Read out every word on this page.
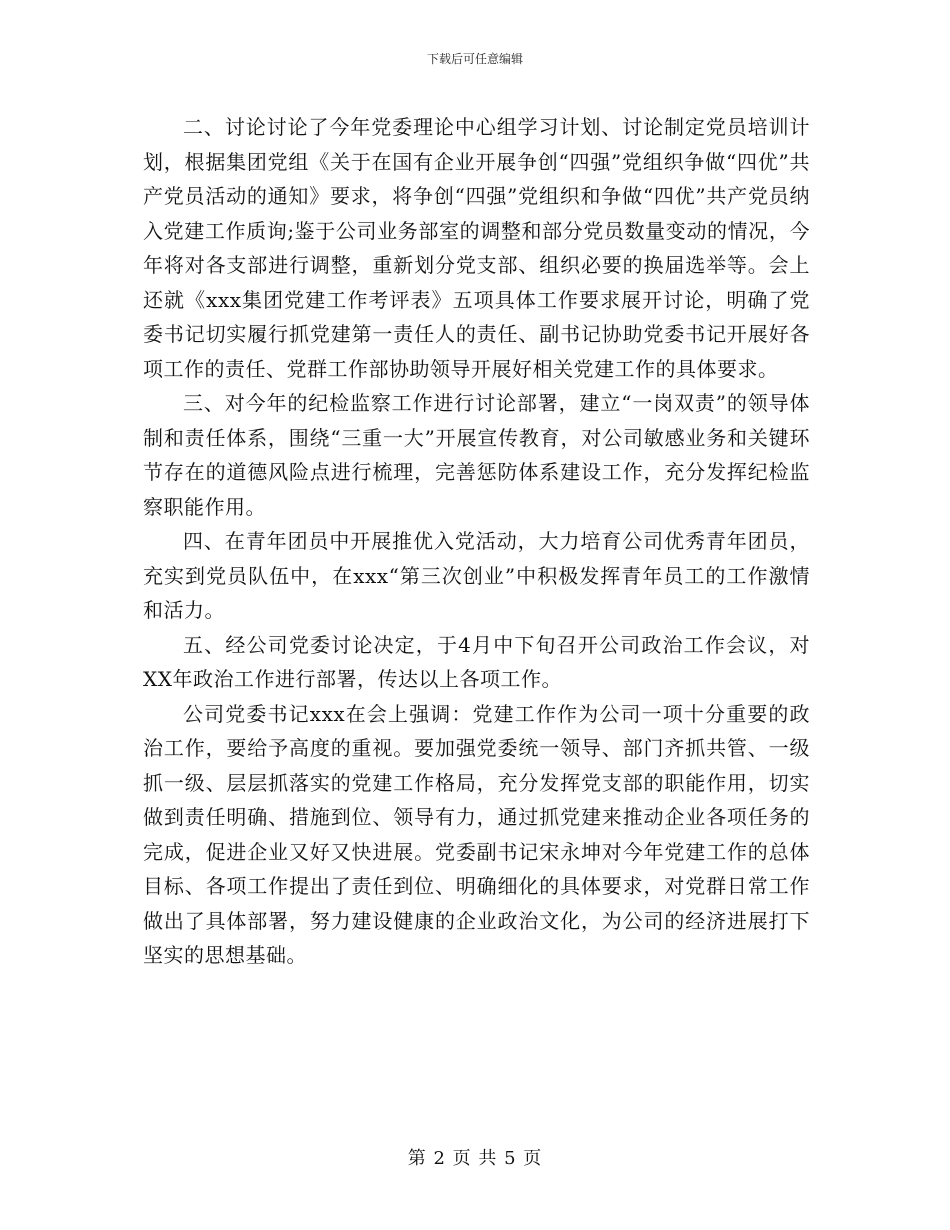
下载后可任意编辑

二、讨论讨论了今年党委理论中心组学习计划、讨论制定党员培训计划，根据集团党组《关于在国有企业开展争创“四强”党组织争做“四优”共产党员活动的通知》要求，将争创“四强”党组织和争做“四优”共产党员纳入党建工作质询;鉴于公司业务部室的调整和部分党员数量变动的情况，今年将对各支部进行调整，重新划分党支部、组织必要的换届选举等。会上还就《xxx集团党建工作考评表》五项具体工作要求展开讨论，明确了党委书记切实履行抓党建第一责任人的责任、副书记协助党委书记开展好各项工作的责任、党群工作部协助领导开展好相关党建工作的具体要求。

三、对今年的纪检监察工作进行讨论部署，建立“一岗双责”的领导体制和责任体系，围绕“三重一大”开展宣传教育，对公司敏感业务和关键环节存在的道德风险点进行梳理，完善惩防体系建设工作，充分发挥纪检监察职能作用。

四、在青年团员中开展推优入党活动，大力培育公司优秀青年团员，充实到党员队伍中，在xxx“第三次创业”中积极发挥青年员工的工作激情和活力。

五、经公司党委讨论决定，于4月中下旬召开公司政治工作会议，对XX年政治工作进行部署，传达以上各项工作。

公司党委书记xxx在会上强调：党建工作作为公司一项十分重要的政治工作，要给予高度的重视。要加强党委统一领导、部门齐抓共管、一级抓一级、层层抓落实的党建工作格局，充分发挥党支部的职能作用，切实做到责任明确、措施到位、领导有力，通过抓党建来推动企业各项任务的完成，促进企业又好又快进展。党委副书记宋永坤对今年党建工作的总体目标、各项工作提出了责任到位、明确细化的具体要求，对党群日常工作做出了具体部署，努力建设健康的企业政治文化，为公司的经济进展打下坚实的思想基础。

第 2 页 共 5 页
